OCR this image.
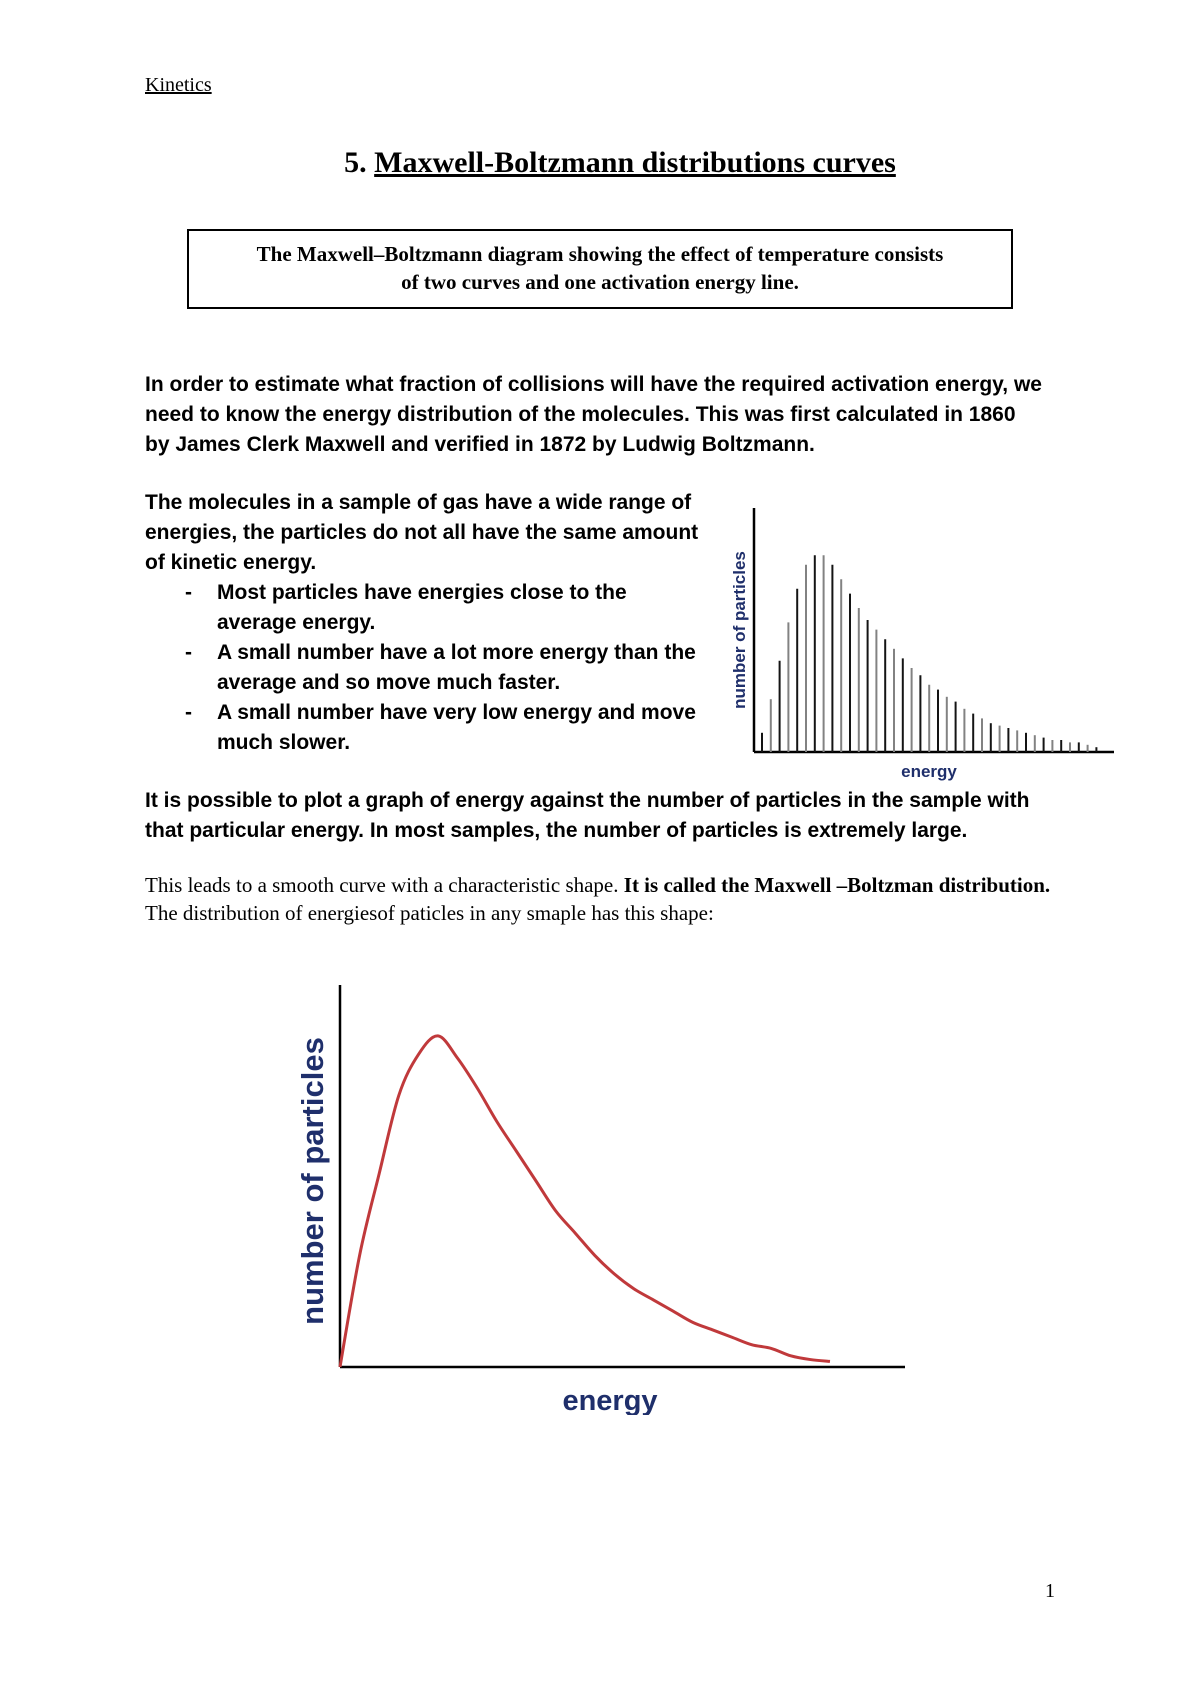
Kinetics
5. Maxwell-Boltzmann distributions curves
The Maxwell–Boltzmann diagram showing the effect of temperature consists
of two curves and one activation energy line.
In order to estimate what fraction of collisions will have the required activation energy, we need to know the energy distribution of the molecules. This was first calculated in 1860 by James Clerk Maxwell and verified in 1872 by Ludwig Boltzmann.
The molecules in a sample of gas have a wide range of energies, the particles do not all have the same amount of kinetic energy.
- Most particles have energies close to the average energy.
- A small number have a lot more energy than the average and so move much faster.
- A small number have very low energy and move much slower.
number of particles
energy
It is possible to plot a graph of energy against the number of particles in the sample with that particular energy. In most samples, the number of particles is extremely large.
This leads to a smooth curve with a characteristic shape. It is called the Maxwell –Boltzman distribution. The distribution of energiesof paticles in any smaple has this shape:
number of particles
energy
1
